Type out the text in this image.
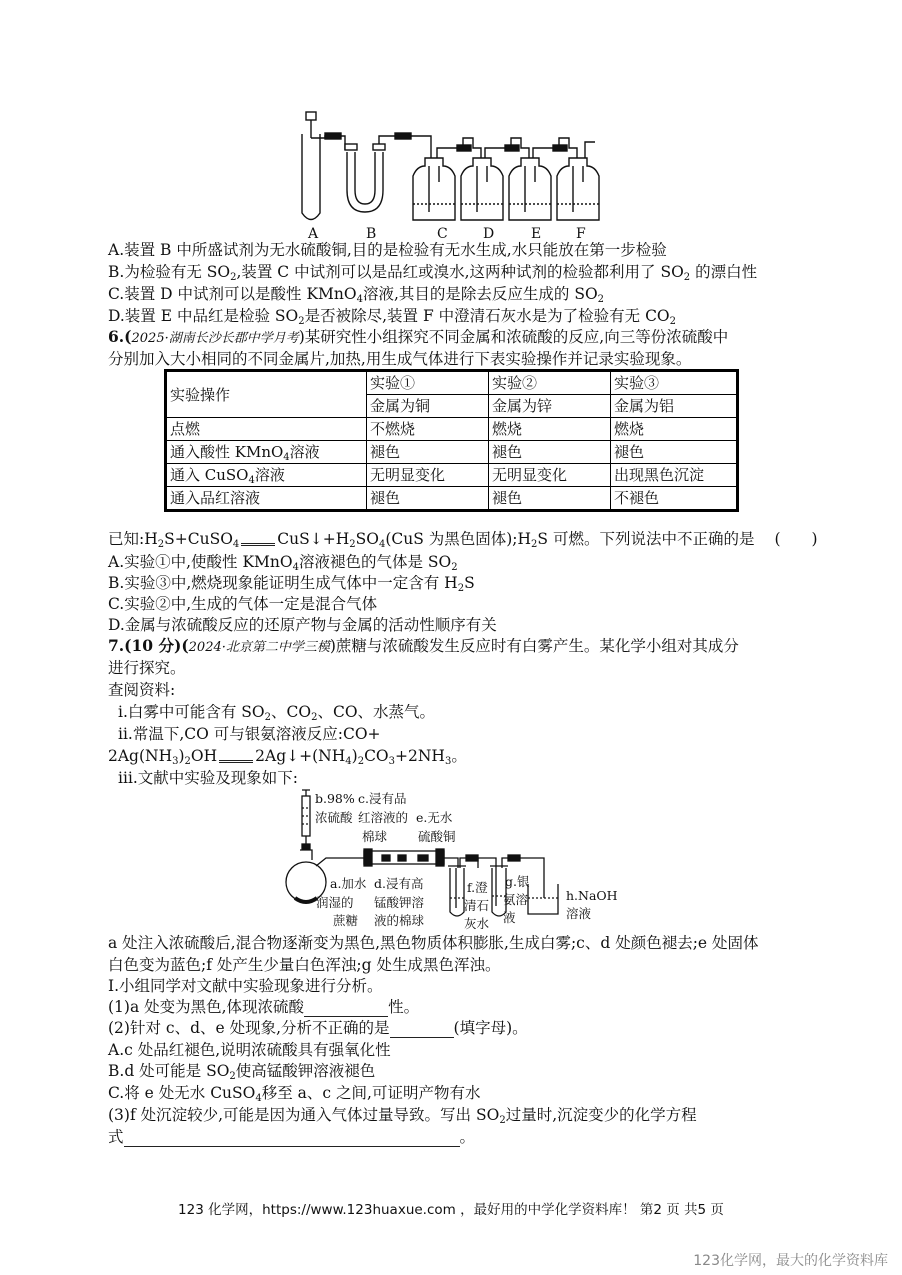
A	B	C	D	E F
A.装置 B 中所盛试剂为无水硫酸铜,目的是检验有无水生成,水只能放在第一步检验
B.为检验有无 $SO_2$,装置 C 中试剂可以是品红或溴水,这两种试剂的检验都利用了 $SO_2$ 的漂白性
C.装置 D 中试剂可以是酸性 KMnO$_4$溶液,其目的是除去反应生成的 $SO_2$
D.装置 E 中品红是检验 $SO_2$是否被除尽,装置 F 中澄清石灰水是为了检验有无 $CO_2$
6.(2025·湖南长沙长郡中学月考)某研究性小组探究不同金属和浓硫酸的反应,向三等份浓硫酸中
分别加入大小相同的不同金属片,加热,用生成气体进行下表实验操作并记录实验现象。
实验操作	实验①	实验②	实验③
	金属为铜	金属为锌	金属为铝
点燃	不燃烧	燃烧	燃烧
通入酸性 KMnO$_4$溶液	褪色	褪色	褪色
通入 CuSO$_4$溶液	无明显变化	无明显变化	出现黑色沉淀
通入品红溶液	褪色	褪色	不褪色
已知$:H_2S+CuSO_4$ $CuS↓+H_2SO_4(CuS$ 为黑色固体)$;H_2S$ 可燃。下列说法中不正确的是 (　　)
A.实验①中,使酸性 KMnO$_4$溶液褪色的气体是 $SO_2$
B.实验③中,燃烧现象能证明生成气体中一定含有 $H_2S$
C.实验②中,生成的气体一定是混合气体
D.金属与浓硫酸反应的还原产物与金属的活动性顺序有关
7.(10 分)(2024·北京第二中学三模)蔗糖与浓硫酸发生反应时有白雾产生。某化学小组对其成分
进行探究。
查阅资料:
ⅰ.白雾中可能含有 $SO_2$、$CO_2$、CO、水蒸气。
ⅱ.常温下,CO 可与银氨溶液反应:CO+
$2Ag(NH_3)_2OH$ $2Ag↓+(NH_4)_2CO_3+2NH_3$。
ⅲ.文献中实验及现象如下:
b.98%
浓硫酸
c.浸有品
红溶液的 e.无水
棉球 硫酸铜
a.加水
润湿的
蔗糖
d.浸有高
锰酸钾溶
液的棉球
f.澄
清石
灰水
g.银
氨溶
液
h.NaOH
溶液
a 处注入浓硫酸后,混合物逐渐变为黑色,黑色物质体积膨胀,生成白雾;c、d 处颜色褪去;e 处固体
白色变为蓝色;f 处产生少量白色浑浊;g 处生成黑色浑浊。
Ⅰ.小组同学对文献中实验现象进行分析。
(1)a 处变为黑色,体现浓硫酸	性。
(2)针对 c、d、e 处现象,分析不正确的是	(填字母)。
A.c 处品红褪色,说明浓硫酸具有强氧化性
B.d 处可能是 $SO_2$使高锰酸钾溶液褪色
C.将 e 处无水 CuSO$_4$移至 a、c 之间,可证明产物有水
(3)f 处沉淀较少,可能是因为通入气体过量导致。写出 $SO_2$过量时,沉淀变少的化学方程
式	。
123 化学网，https://www.123huaxue.com ，最好用的中学化学资料库！ 第2 页 共5 页
123化学网，最大的化学资料库
